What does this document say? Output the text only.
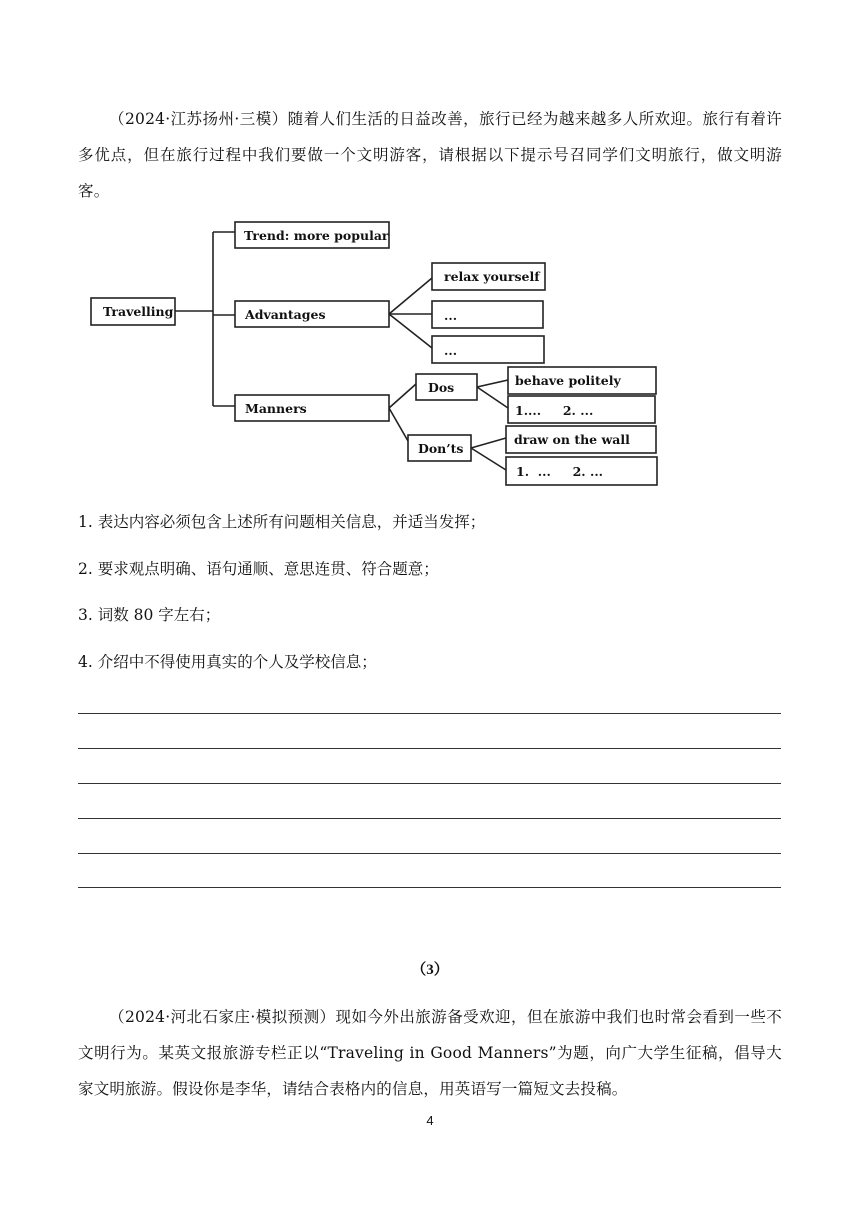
（2024·江苏扬州·三模）随着人们生活的日益改善，旅行已经为越来越多人所欢迎。旅行有着许多优点，但在旅行过程中我们要做一个文明游客，请根据以下提示号召同学们文明旅行，做文明游客。
Travelling
Trend: more popular
Advantages
relax yourself
...
...
Manners
Dos	behave politely
1....     2. ...
Don’ts
draw on the wall
1.  ...     2. ...
1. 表达内容必须包含上述所有问题相关信息，并适当发挥；
2. 要求观点明确、语句通顺、意思连贯、符合题意；
3. 词数 80 字左右；
4. 介绍中不得使用真实的个人及学校信息；
（3）
（2024·河北石家庄·模拟预测）现如今外出旅游备受欢迎，但在旅游中我们也时常会看到一些不文明行为。某英文报旅游专栏正以“Traveling in Good Manners”为题，向广大学生征稿，倡导大家文明旅游。假设你是李华，请结合表格内的信息，用英语写一篇短文去投稿。
4
